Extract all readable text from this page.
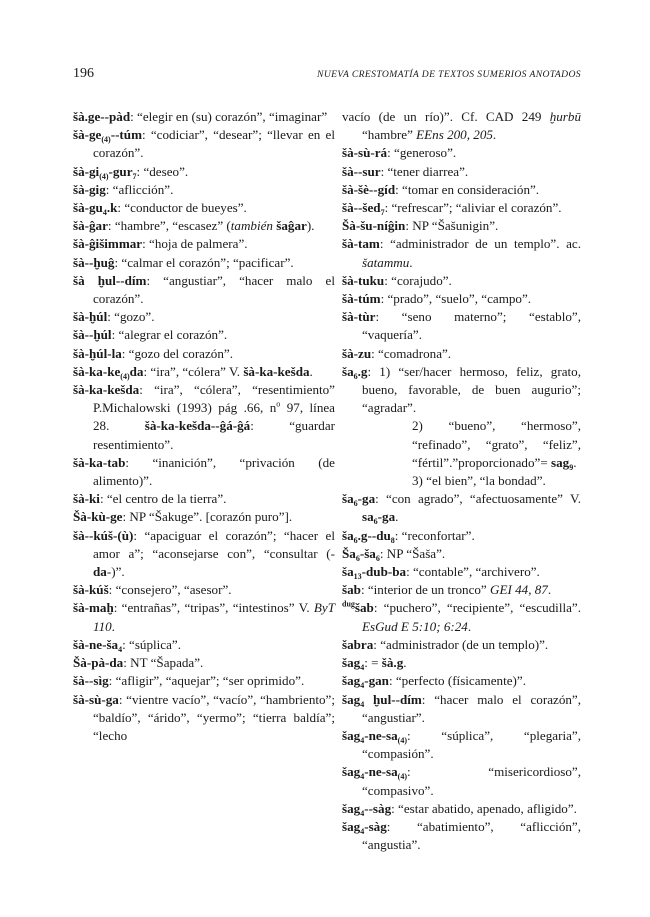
196	NUEVA CRESTOMATÍA DE TEXTOS SUMERIOS ANOTADOS

šà.ge--pàd: “elegir en (su) corazón”, “imaginar”

$šà-ge_{(4)}-$-túm: “codiciar”, “desear”; “llevar en el corazón”.

$šà-gi_{(4)}-gur_7$: “deseo”.

šà-gig: “aflicción”.

$šà-gu_4.k$: “conductor de bueyes”.

šà-ĝar: “hambre”, “escasez” (también šaĝar).

šà-ĝišimmar: “hoja de palmera”.

šà--ḫuĝ: “calmar el corazón”; “pacificar”.

šà ḫul--dím: “angustiar”, “hacer malo el corazón”.

šà-ḫúl: “gozo”.

šà--ḫúl: “alegrar el corazón”.

šà-ḫúl-la: “gozo del corazón”.

$šà-ka-ke_{(4)}da$: “ira”, “cólera” V. šà-ka-kešda.

šà-ka-kešda: “ira”, “cólera”, “resentimiento” P.Michalowski (1993) pág .66, $n^o$ 97, línea 28. šà-ka-kešda--ĝá-ĝá: “guardar resentimiento”.

šà-ka-tab: “inanición”, “privación (de alimento)”.

šà-ki: “el centro de la tierra”.

Šà-kù-ge: NP “Šakuge”. [corazón puro”].

šà--kúš-(ù): “apaciguar el corazón”; “hacer el amor a”; “aconsejarse con”, “consultar (-da-)”.

šà-kúš: “consejero”, “asesor”.

šà-maḫ: “entrañas”, “tripas”, “intestinos” V. ByT 110.

$šà-ne-ša_4$: “súplica”.

Šà-pà-da: NT “Šapada”.

šà--sìg: “afligir”, “aquejar”; “ser oprimido”.

šà-sù-ga: “vientre vacío”, “vacío”, “hambriento”; “baldío”, “árido”, “yermo”; “tierra baldía”; “lecho

vacío (de un río)”. Cf. CAD 249 ḫurbū “hambre” EEns 200, 205.

šà-sù-rá: “generoso”.

šà--sur: “tener diarrea”.

šà-šè--gíd: “tomar en consideración”.

šà--šed$_7$: “refrescar”; “aliviar el corazón”.

Šà-šu-níĝin: NP “Šašunigin”.

šà-tam: “administrador de un templo”. ac. šatammu.

šà-tuku: “corajudo”.

šà-túm: “prado”, “suelo”, “campo”.

šà-tùr: “seno materno”; “establo”, “vaquería”.

šà-zu: “comadrona”.

$ša_6.g$: 1) “ser/hacer hermoso, feliz, grato, bueno, favorable, de buen augurio”; “agradar”.

2) “bueno”, “hermoso”, “refinado”, “grato”, “feliz”, “fértil”.”proporcionado”= sag$_9$.

3) “el bien”, “la bondad”.

$ša_6-ga$: “con agrado”, “afectuosamente” V. $sa_6-ga$.

$ša_6.g--du_8$: “reconfortar”.

$Ša_6-ša_6$: NP “Šaša”.

$ša_{13}-dub-ba$: “contable”, “archivero”.

šab: “interior de un tronco” GEI 44, 87.

$^{dug}$šab: “puchero”, “recipiente”, “escudilla”. EsGud E 5:10; 6:24.

šabra: “administrador (de un templo)”.

šag$_4$: = šà.g.

šag$_4$-gan: “perfecto (físicamente)”.

šag$_4$ ḫul--dím: “hacer malo el corazón”, “angustiar”.

$šag_4-ne-sa_{(4)}$: “súplica”, “plegaria”, “compasión”.

$šag_4-ne-sa_{(4)}$: “misericordioso”, “compasivo”.

šag$_4$--sàg: “estar abatido, apenado, afligido”.

šag$_4$-sàg: “abatimiento”, “aflicción”, “angustia”.
